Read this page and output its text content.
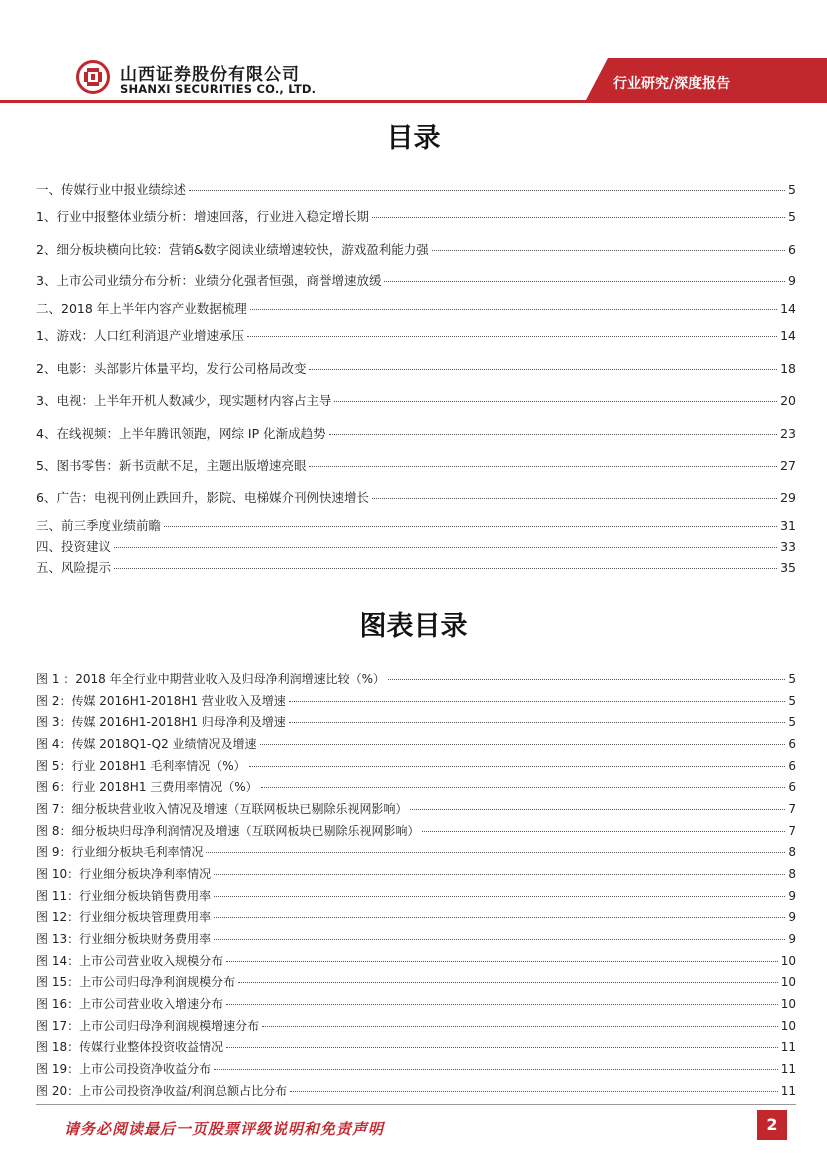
山西证券股份有限公司
SHANXI SECURITIES CO., LTD.	行业研究/深度报告
目录
一、传媒行业中报业绩综述	5
1、行业中报整体业绩分析：增速回落，行业进入稳定增长期	5
2、细分板块横向比较：营销&数字阅读业绩增速较快，游戏盈利能力强	6
3、上市公司业绩分布分析：业绩分化强者恒强，商誉增速放缓	9
二、2018 年上半年内容产业数据梳理	14
1、游戏：人口红利消退产业增速承压	14
2、电影：头部影片体量平均，发行公司格局改变	18
3、电视：上半年开机人数减少，现实题材内容占主导	20
4、在线视频：上半年腾讯领跑，网综 IP 化渐成趋势	23
5、图书零售：新书贡献不足，主题出版增速亮眼	27
6、广告：电视刊例止跌回升，影院、电梯媒介刊例快速增长	29
三、前三季度业绩前瞻	31
四、投资建议	33
五、风险提示	35
图表目录
图 1 ：2018 年全行业中期营业收入及归母净利润增速比较（%）	5
图 2：传媒 2016H1-2018H1 营业收入及增速	5
图 3：传媒 2016H1-2018H1 归母净利及增速	5
图 4：传媒 2018Q1-Q2 业绩情况及增速	6
图 5：行业 2018H1 毛利率情况（%）	6
图 6：行业 2018H1 三费用率情况（%）	6
图 7：细分板块营业收入情况及增速（互联网板块已剔除乐视网影响）	7
图 8：细分板块归母净利润情况及增速（互联网板块已剔除乐视网影响）	7
图 9：行业细分板块毛利率情况	8
图 10：行业细分板块净利率情况	8
图 11：行业细分板块销售费用率	9
图 12：行业细分板块管理费用率	9
图 13：行业细分板块财务费用率	9
图 14：上市公司营业收入规模分布	10
图 15：上市公司归母净利润规模分布	10
图 16：上市公司营业收入增速分布	10
图 17：上市公司归母净利润规模增速分布	10
图 18：传媒行业整体投资收益情况	11
图 19：上市公司投资净收益分布	11
图 20：上市公司投资净收益/利润总额占比分布	11
请务必阅读最后一页股票评级说明和免责声明	2
